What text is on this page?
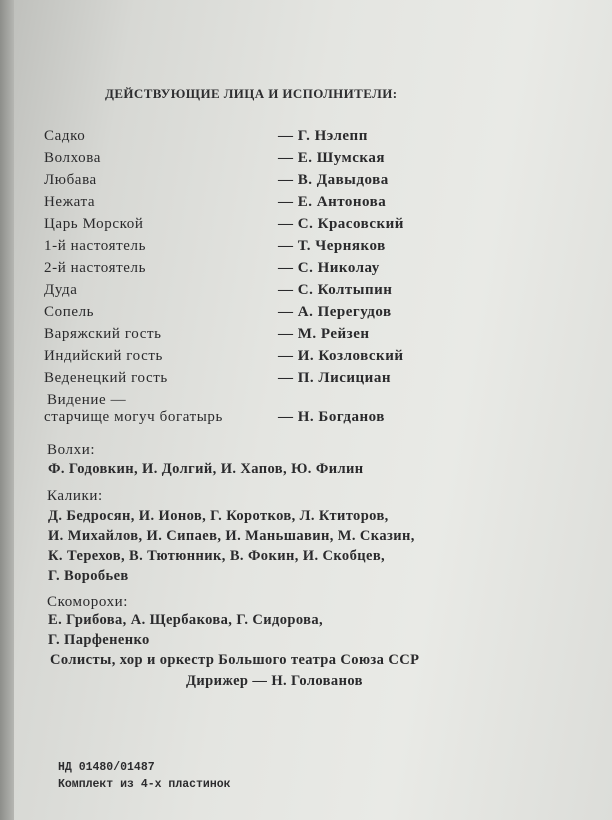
ДЕЙСТВУЮЩИЕ ЛИЦА И ИСПОЛНИТЕЛИ:
Садко	— Г. Нэлепп
Волхова	— Е. Шумская
Любава	— В. Давыдова
Нежата	— Е. Антонова
Царь Морской	— С. Красовский
1-й настоятель	— Т. Черняков
2-й настоятель	— С. Николау
Дуда	— С. Колтыпин
Сопель	— А. Перегудов
Варяжский гость	— М. Рейзен
Индийский гость	— И. Козловский
Веденецкий гость	— П. Лисициан
Видение —
старчище могуч богатырь	— Н. Богданов
Волхи:
Ф. Годовкин, И. Долгий, И. Хапов, Ю. Филин
Калики:
Д. Бедросян, И. Ионов, Г. Коротков, Л. Ктиторов,
И. Михайлов, И. Сипаев, И. Маньшавин, М. Сказин,
К. Терехов, В. Тютюнник, В. Фокин, И. Скобцев,
Г. Воробьев
Скоморохи:
Е. Грибова, А. Щербакова, Г. Сидорова,
Г. Парфененко
Солисты, хор и оркестр Большого театра Союза ССР
Дирижер — Н. Голованов
НД 01480/01487
Комплект из 4-х пластинок
